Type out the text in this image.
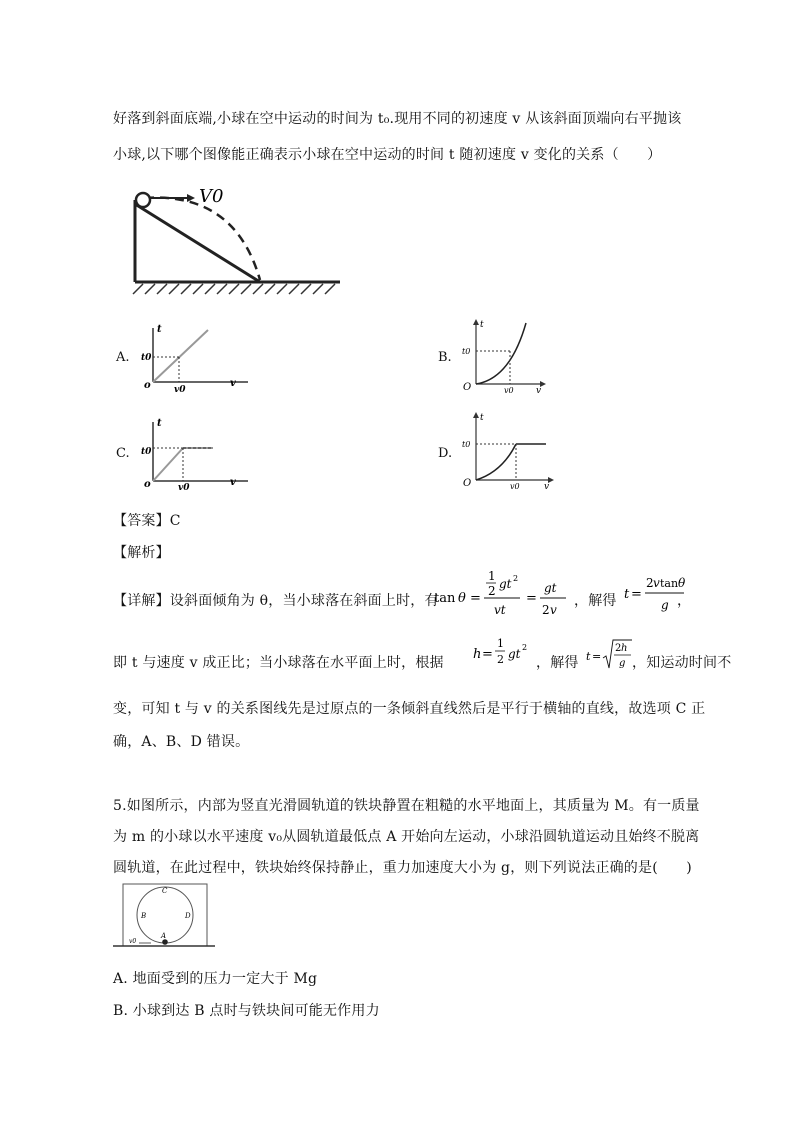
好落到斜面底端,小球在空中运动的时间为 t₀.现用不同的初速度 v 从该斜面顶端向右平抛该
小球,以下哪个图像能正确表示小球在空中运动的时间 t 随初速度 v 变化的关系（　　）
V0
A.
t
t0
o	v0
v
B.
t
t0
O	v0 v
C.
t
t0
o	v0	v
D.
t
t0
O	v0	v
【答案】C
【解析】
【详解】设斜面倾角为 θ，当小球落在斜面上时，有
tan θ =
1
2 gt 2
vt
=
gt
2 v
，解得 t =
2 v tan θ
g ，
即 t 与速度 v 成正比；当小球落在水平面上时，根据
h =
1
2 gt 2
，解得 t =
2 h
g ，知运动时间不
变，可知 t 与 v 的关系图线先是过原点的一条倾斜直线然后是平行于横轴的直线，故选项 C 正
确，A、B、D 错误。
5.如图所示，内部为竖直光滑圆轨道的铁块静置在粗糙的水平地面上，其质量为 M。有一质量
为 m 的小球以水平速度 v₀从圆轨道最低点 A 开始向左运动，小球沿圆轨道运动且始终不脱离
圆轨道，在此过程中，铁块始终保持静止，重力加速度大小为 g，则下列说法正确的是(　　)
C
B	D
A
v0
A. 地面受到的压力一定大于 Mg
B. 小球到达 B 点时与铁块间可能无作用力
